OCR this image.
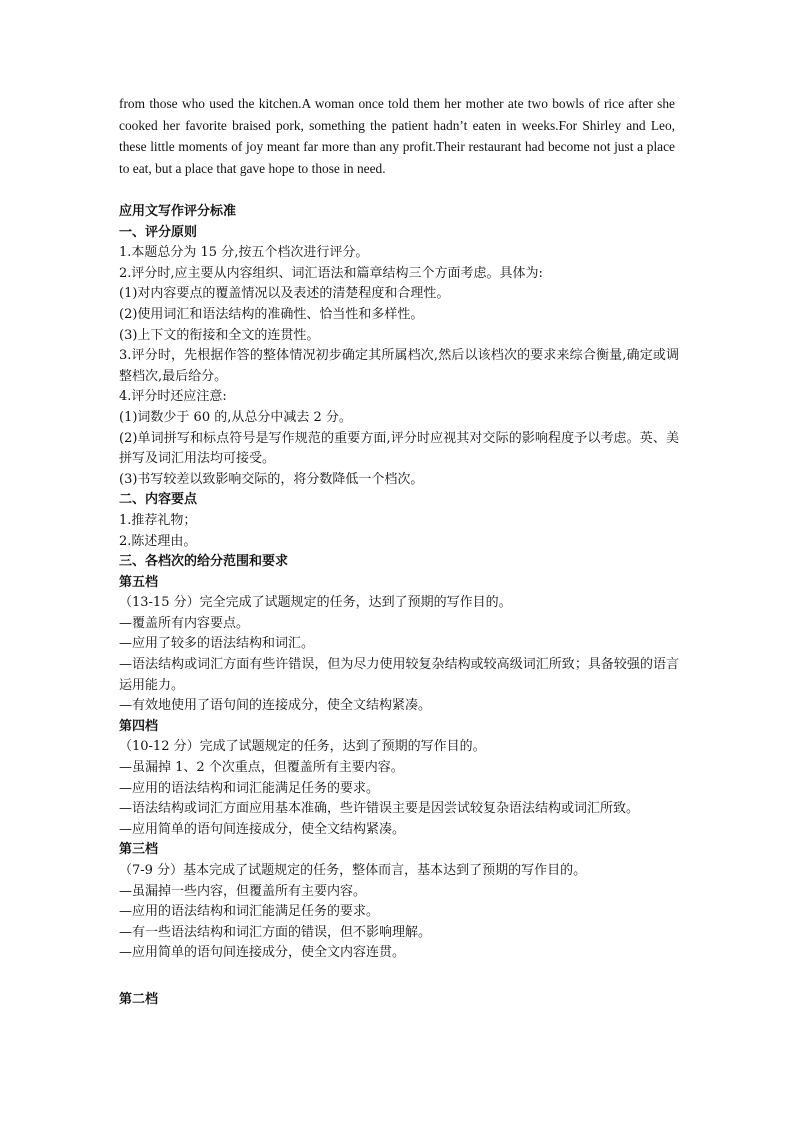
from those who used the kitchen.A woman once told them her mother ate two bowls of rice after she cooked her favorite braised pork, something the patient hadn’t eaten in weeks.For Shirley and Leo, these little moments of joy meant far more than any profit.Their restaurant had become not just a place to eat, but a place that gave hope to those in need.

应用文写作评分标准
一、评分原则
1.本题总分为 15 分,按五个档次进行评分。
2.评分时,应主要从内容组织、词汇语法和篇章结构三个方面考虑。具体为:
(1)对内容要点的覆盖情况以及表述的清楚程度和合理性。
(2)使用词汇和语法结构的准确性、恰当性和多样性。
(3)上下文的衔接和全文的连贯性。
3.评分时，先根据作答的整体情况初步确定其所属档次,然后以该档次的要求来综合衡量,确定或调整档次,最后给分。
4.评分时还应注意:
(1)词数少于 60 的,从总分中减去 2 分。
(2)单词拼写和标点符号是写作规范的重要方面,评分时应视其对交际的影响程度予以考虑。英、美拼写及词汇用法均可接受。
(3)书写较差以致影响交际的，将分数降低一个档次。
二、内容要点
1.推荐礼物；
2.陈述理由。
三、各档次的给分范围和要求
第五档
（13-15 分）完全完成了试题规定的任务，达到了预期的写作目的。
—覆盖所有内容要点。
—应用了较多的语法结构和词汇。
—语法结构或词汇方面有些许错误，但为尽力使用较复杂结构或较高级词汇所致；具备较强的语言运用能力。
—有效地使用了语句间的连接成分，使全文结构紧凑。
第四档
（10-12 分）完成了试题规定的任务，达到了预期的写作目的。
—虽漏掉 1、2 个次重点，但覆盖所有主要内容。
—应用的语法结构和词汇能满足任务的要求。
—语法结构或词汇方面应用基本准确，些许错误主要是因尝试较复杂语法结构或词汇所致。
—应用简单的语句间连接成分，使全文结构紧凑。
第三档
（7-9 分）基本完成了试题规定的任务，整体而言，基本达到了预期的写作目的。
—虽漏掉一些内容，但覆盖所有主要内容。
—应用的语法结构和词汇能满足任务的要求。
—有一些语法结构和词汇方面的错误，但不影响理解。
—应用简单的语句间连接成分，使全文内容连贯。
第二档
